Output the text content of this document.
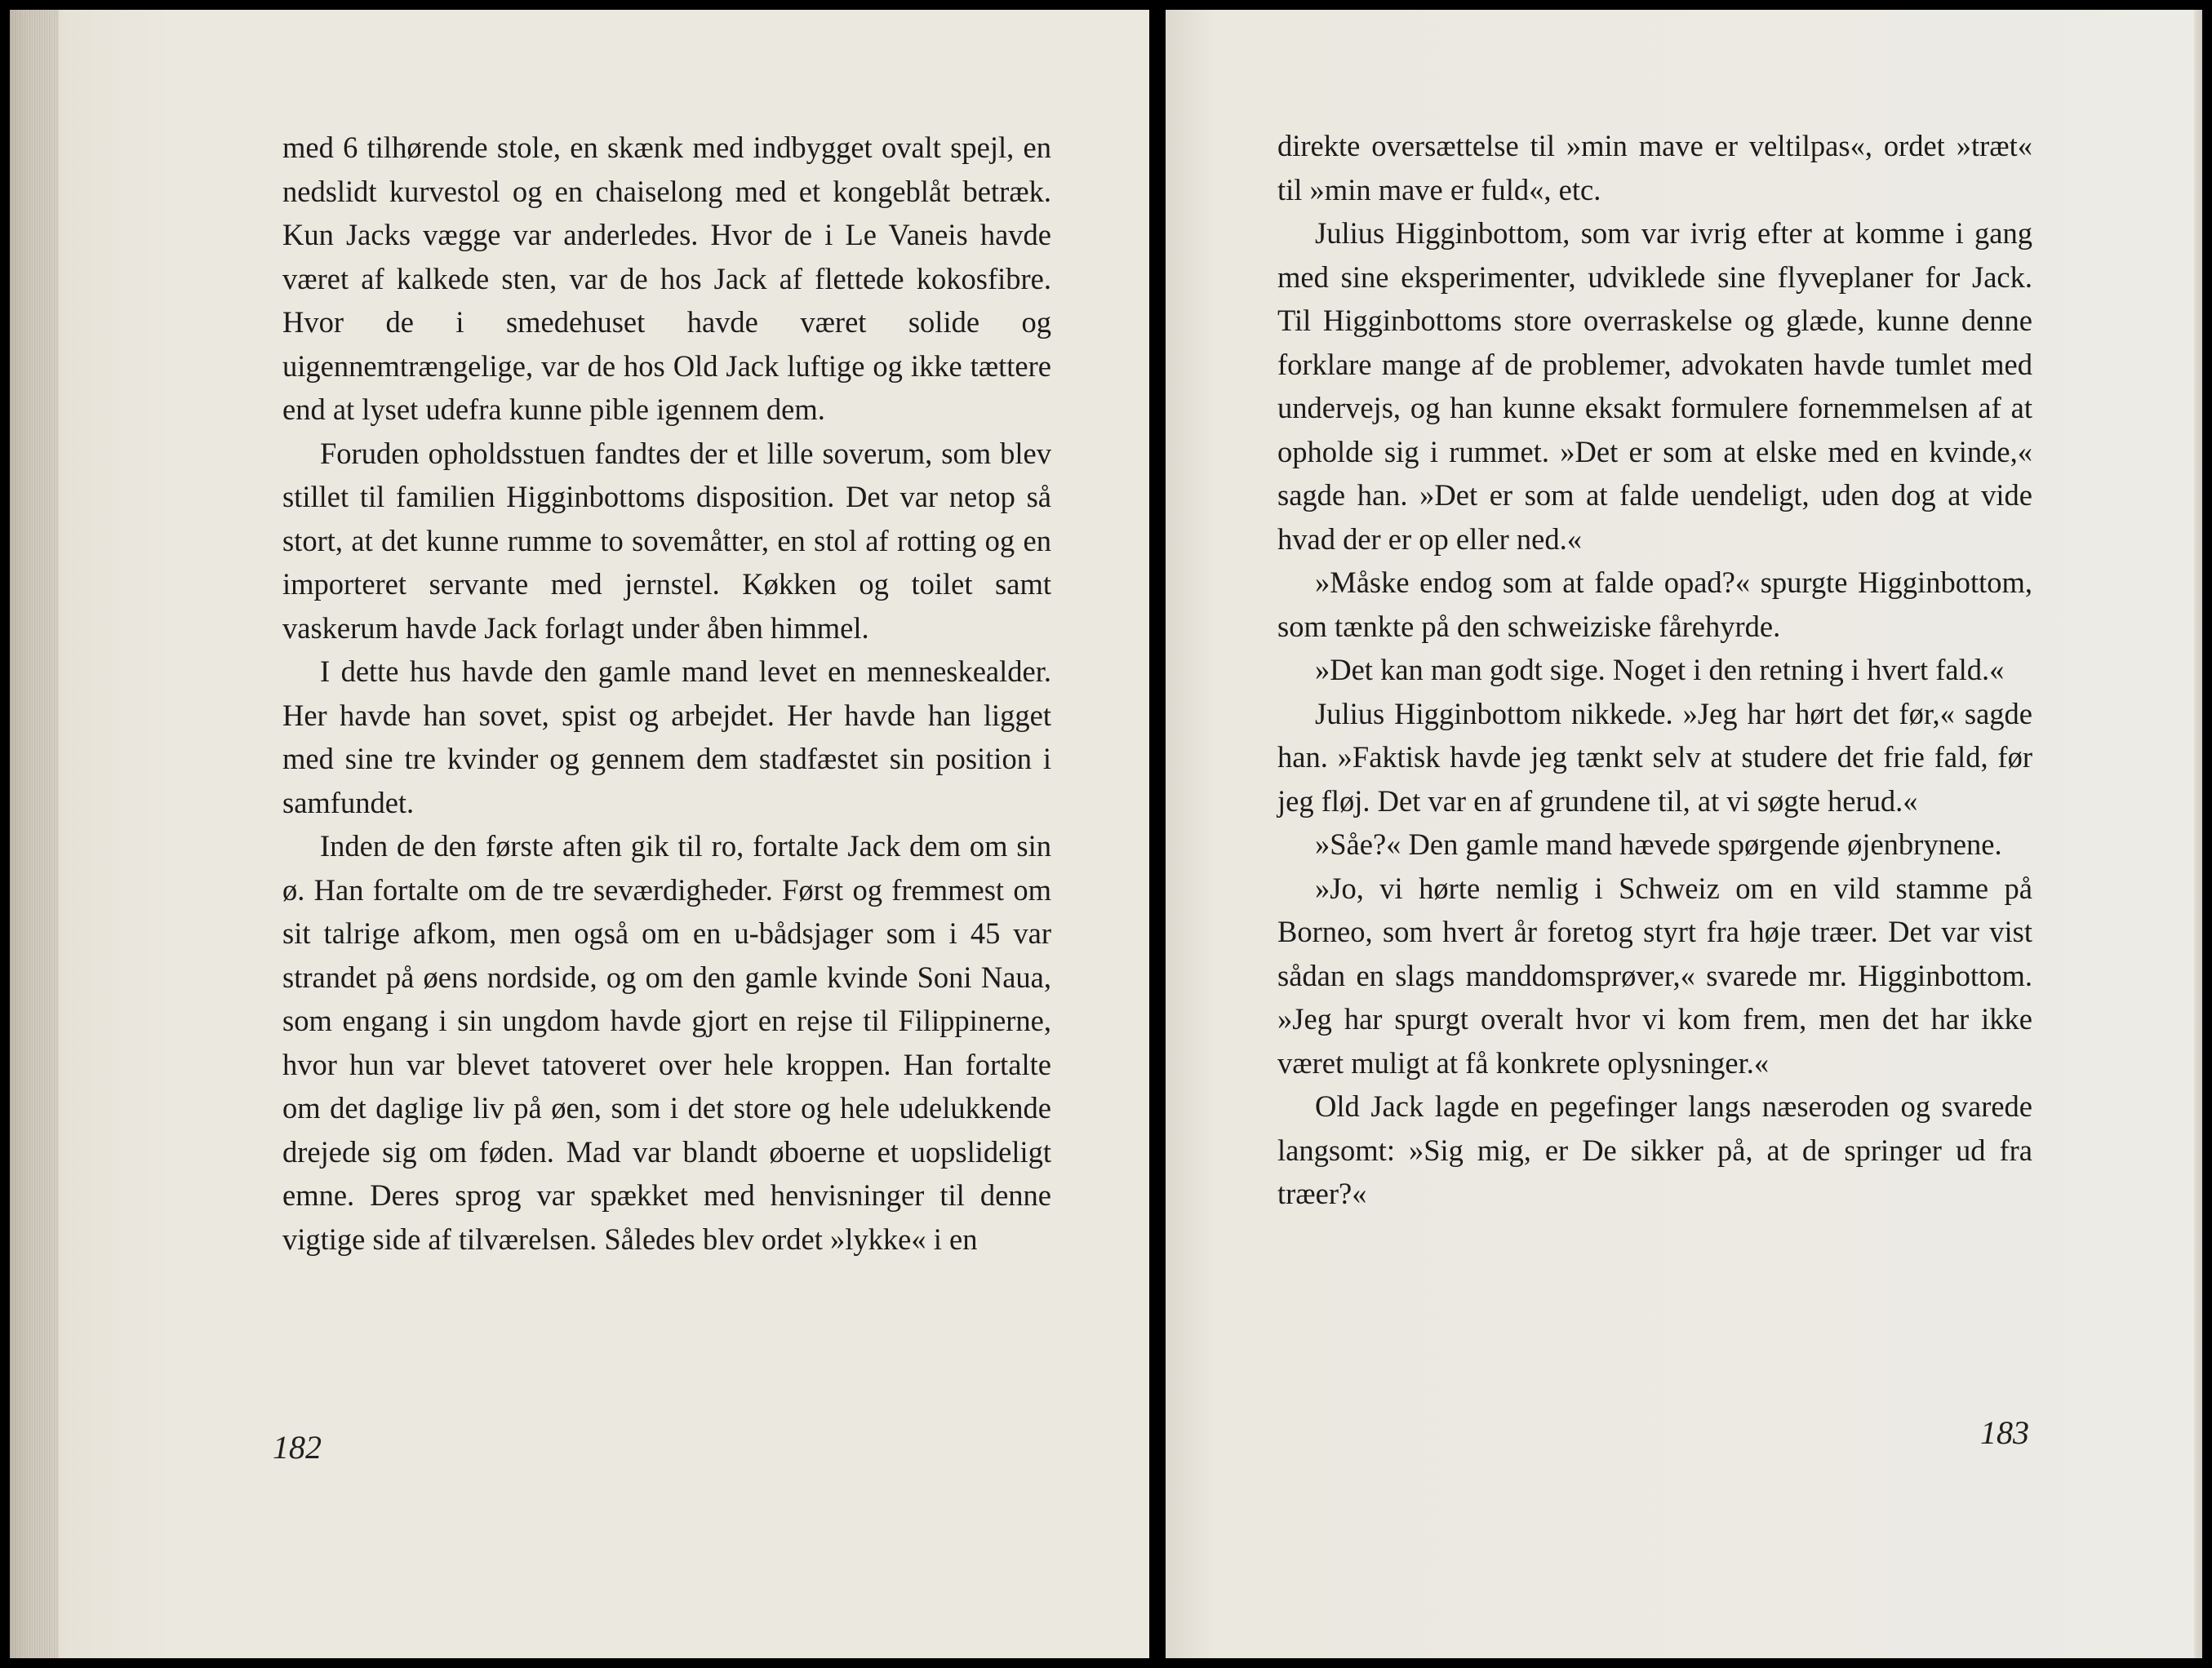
med 6 tilhørende stole, en skænk med indbygget ovalt spejl, en nedslidt kurvestol og en chaiselong med et kongeblåt betræk. Kun Jacks vægge var anderledes. Hvor de i Le Vaneis havde været af kalkede sten, var de hos Jack af flettede kokosfibre. Hvor de i smedehuset havde været solide og uigennemtrængelige, var de hos Old Jack luftige og ikke tættere end at lyset udefra kunne pible igennem dem.

Foruden opholdsstuen fandtes der et lille soverum, som blev stillet til familien Higginbottoms disposition. Det var netop så stort, at det kunne rumme to sovemåtter, en stol af rotting og en importeret servante med jernstel. Køkken og toilet samt vaskerum havde Jack forlagt under åben himmel.

I dette hus havde den gamle mand levet en menneskealder. Her havde han sovet, spist og arbejdet. Her havde han ligget med sine tre kvinder og gennem dem stadfæstet sin position i samfundet.

Inden de den første aften gik til ro, fortalte Jack dem om sin ø. Han fortalte om de tre seværdigheder. Først og fremmest om sit talrige afkom, men også om en u-bådsjager som i 45 var strandet på øens nordside, og om den gamle kvinde Soni Naua, som engang i sin ungdom havde gjort en rejse til Filippinerne, hvor hun var blevet tatoveret over hele kroppen. Han fortalte om det daglige liv på øen, som i det store og hele udelukkende drejede sig om føden. Mad var blandt øboerne et uopslideligt emne. Deres sprog var spækket med henvisninger til denne vigtige side af tilværelsen. Således blev ordet »lykke« i en

182

direkte oversættelse til »min mave er veltilpas«, ordet »træt« til »min mave er fuld«, etc.

Julius Higginbottom, som var ivrig efter at komme i gang med sine eksperimenter, udviklede sine flyveplaner for Jack. Til Higginbottoms store overraskelse og glæde, kunne denne forklare mange af de problemer, advokaten havde tumlet med undervejs, og han kunne eksakt formulere fornemmelsen af at opholde sig i rummet. »Det er som at elske med en kvinde,« sagde han. »Det er som at falde uendeligt, uden dog at vide hvad der er op eller ned.«

»Måske endog som at falde opad?« spurgte Higginbottom, som tænkte på den schweiziske fårehyrde.

»Det kan man godt sige. Noget i den retning i hvert fald.«

Julius Higginbottom nikkede. »Jeg har hørt det før,« sagde han. »Faktisk havde jeg tænkt selv at studere det frie fald, før jeg fløj. Det var en af grundene til, at vi søgte herud.«

»Såe?« Den gamle mand hævede spørgende øjenbrynene.

»Jo, vi hørte nemlig i Schweiz om en vild stamme på Borneo, som hvert år foretog styrt fra høje træer. Det var vist sådan en slags manddomsprøver,« svarede mr. Higginbottom. »Jeg har spurgt overalt hvor vi kom frem, men det har ikke været muligt at få konkrete oplysninger.«

Old Jack lagde en pegefinger langs næseroden og svarede langsomt: »Sig mig, er De sikker på, at de springer ud fra træer?«

183
